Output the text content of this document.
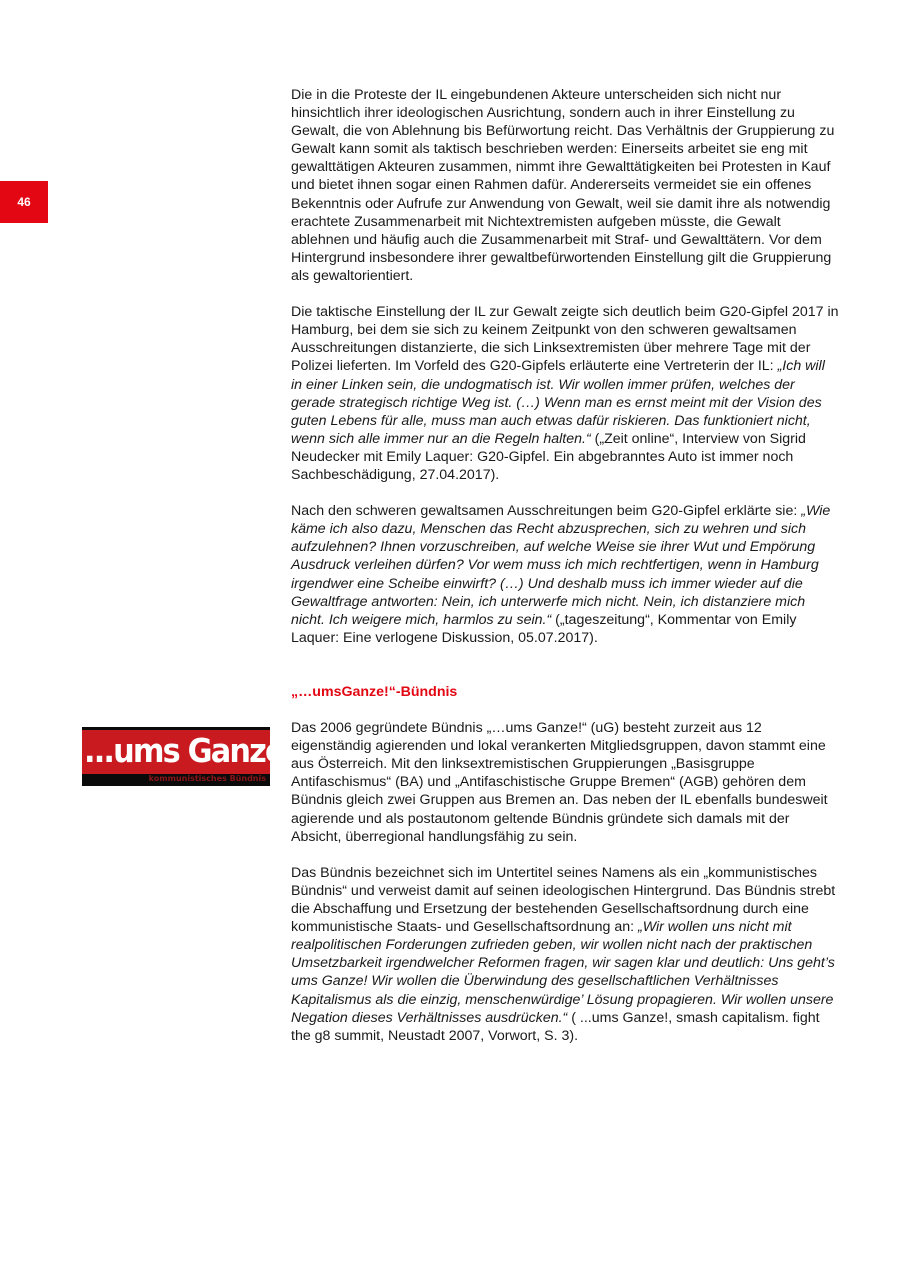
46
...ums Ganze!
kommunistisches Bündnis

Die in die Proteste der IL eingebundenen Akteure unterscheiden sich nicht nur hinsichtlich ihrer ideologischen Ausrichtung, sondern auch in ihrer Einstellung zu Gewalt, die von Ablehnung bis Befürwortung reicht. Das Verhältnis der Gruppierung zu Gewalt kann somit als taktisch beschrieben werden: Einerseits arbeitet sie eng mit gewalttätigen Akteuren zusammen, nimmt ihre Gewalttätigkeiten bei Protesten in Kauf und bietet ihnen sogar einen Rahmen dafür. Andererseits vermeidet sie ein offenes Bekenntnis oder Aufrufe zur Anwendung von Gewalt, weil sie damit ihre als notwendig erachtete Zusammenarbeit mit Nichtextremisten aufgeben müsste, die Gewalt ablehnen und häufig auch die Zusammenarbeit mit Straf- und Gewalttätern. Vor dem Hintergrund insbesondere ihrer gewaltbefürwortenden Einstellung gilt die Gruppierung als gewaltorientiert.

Die taktische Einstellung der IL zur Gewalt zeigte sich deutlich beim G20-Gipfel 2017 in Hamburg, bei dem sie sich zu keinem Zeitpunkt von den schweren gewaltsamen Ausschreitungen distanzierte, die sich Linksextremisten über mehrere Tage mit der Polizei lieferten. Im Vorfeld des G20-Gipfels erläuterte eine Vertreterin der IL: „Ich will in einer Linken sein, die undogmatisch ist. Wir wollen immer prüfen, welches der gerade strategisch richtige Weg ist. (…) Wenn man es ernst meint mit der Vision des guten Lebens für alle, muss man auch etwas dafür riskieren. Das funktioniert nicht, wenn sich alle immer nur an die Regeln halten.“ („Zeit online“, Interview von Sigrid Neudecker mit Emily Laquer: G20-Gipfel. Ein abgebranntes Auto ist immer noch Sachbeschädigung, 27.04.2017).

Nach den schweren gewaltsamen Ausschreitungen beim G20-Gipfel erklärte sie: „Wie käme ich also dazu, Menschen das Recht abzusprechen, sich zu wehren und sich aufzulehnen? Ihnen vorzuschreiben, auf welche Weise sie ihrer Wut und Empörung Ausdruck verleihen dürfen? Vor wem muss ich mich rechtfertigen, wenn in Hamburg irgendwer eine Scheibe einwirft? (…) Und deshalb muss ich immer wieder auf die Gewaltfrage antworten: Nein, ich unterwerfe mich nicht. Nein, ich distanziere mich nicht. Ich weigere mich, harmlos zu sein.“ („tageszeitung“, Kommentar von Emily Laquer: Eine verlogene Diskussion, 05.07.2017).

„…umsGanze!“-Bündnis

Das 2006 gegründete Bündnis „…ums Ganze!“ (uG) besteht zurzeit aus 12 eigenständig agierenden und lokal verankerten Mitgliedsgruppen, davon stammt eine aus Österreich. Mit den linksextremistischen Gruppierungen „Basisgruppe Antifaschismus“ (BA) und „Antifaschistische Gruppe Bremen“ (AGB) gehören dem Bündnis gleich zwei Gruppen aus Bremen an. Das neben der IL ebenfalls bundesweit agierende und als postautonom geltende Bündnis gründete sich damals mit der Absicht, überregional handlungsfähig zu sein.

Das Bündnis bezeichnet sich im Untertitel seines Namens als ein „kommunistisches Bündnis“ und verweist damit auf seinen ideologischen Hintergrund. Das Bündnis strebt die Abschaffung und Ersetzung der bestehenden Gesellschaftsordnung durch eine kommunistische Staats- und Gesellschaftsordnung an: „Wir wollen uns nicht mit realpolitischen Forderungen zufrieden geben, wir wollen nicht nach der praktischen Umsetzbarkeit irgendwelcher Reformen fragen, wir sagen klar und deutlich: Uns geht’s ums Ganze! Wir wollen die Überwindung des gesellschaftlichen Verhältnisses Kapitalismus als die einzig, menschenwürdige’ Lösung propagieren. Wir wollen unsere Negation dieses Verhältnisses ausdrücken.“ ( ...ums Ganze!, smash capitalism. fight the g8 summit, Neustadt 2007, Vorwort, S. 3).
